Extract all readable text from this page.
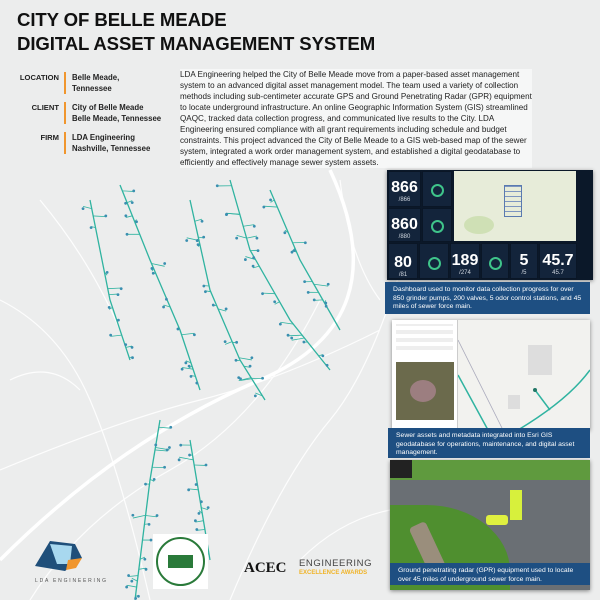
CITY OF BELLE MEADE
DIGITAL ASSET MANAGEMENT SYSTEM
LOCATION	Belle Meade,
Tennessee
CLIENT	City of Belle Meade
Belle Meade, Tennessee
FIRM	LDA Engineering
Nashville, Tennessee
LDA Engineering helped the City of Belle Meade move from a paper-based asset management system to an advanced digital asset management model. The team used a variety of collection methods including sub-centimeter accurate GPS and Ground Penetrating Radar (GPR) equipment to locate underground infrastructure. An online Geographic Information System (GIS) streamlined QAQC, tracked data collection progress, and communicated live results to the City. LDA Engineering ensured compliance with all grant requirements including schedule and budget constraints. This project advanced the City of Belle Meade to a GIS web-based map of the sewer system, integrated a work order management system, and established a digital geodatabase to efficiently and effectively manage sewer system assets.
866
/866
860
/880
80
/81
189
/274
5
/5
45.7
45.7
Dashboard used to monitor data collection progress for over 850 grinder pumps, 200 valves, 5 odor control stations, and 45 miles of sewer force main.
Sewer assets and metadata integrated into Esri GIS geodatabase for operations, maintenance, and digital asset management.
Ground penetrating radar (GPR) equipment used to locate over 45 miles of underground sewer force main.
LDA ENGINEERING
ACEC ENGINEERING
EXCELLENCE AWARDS
